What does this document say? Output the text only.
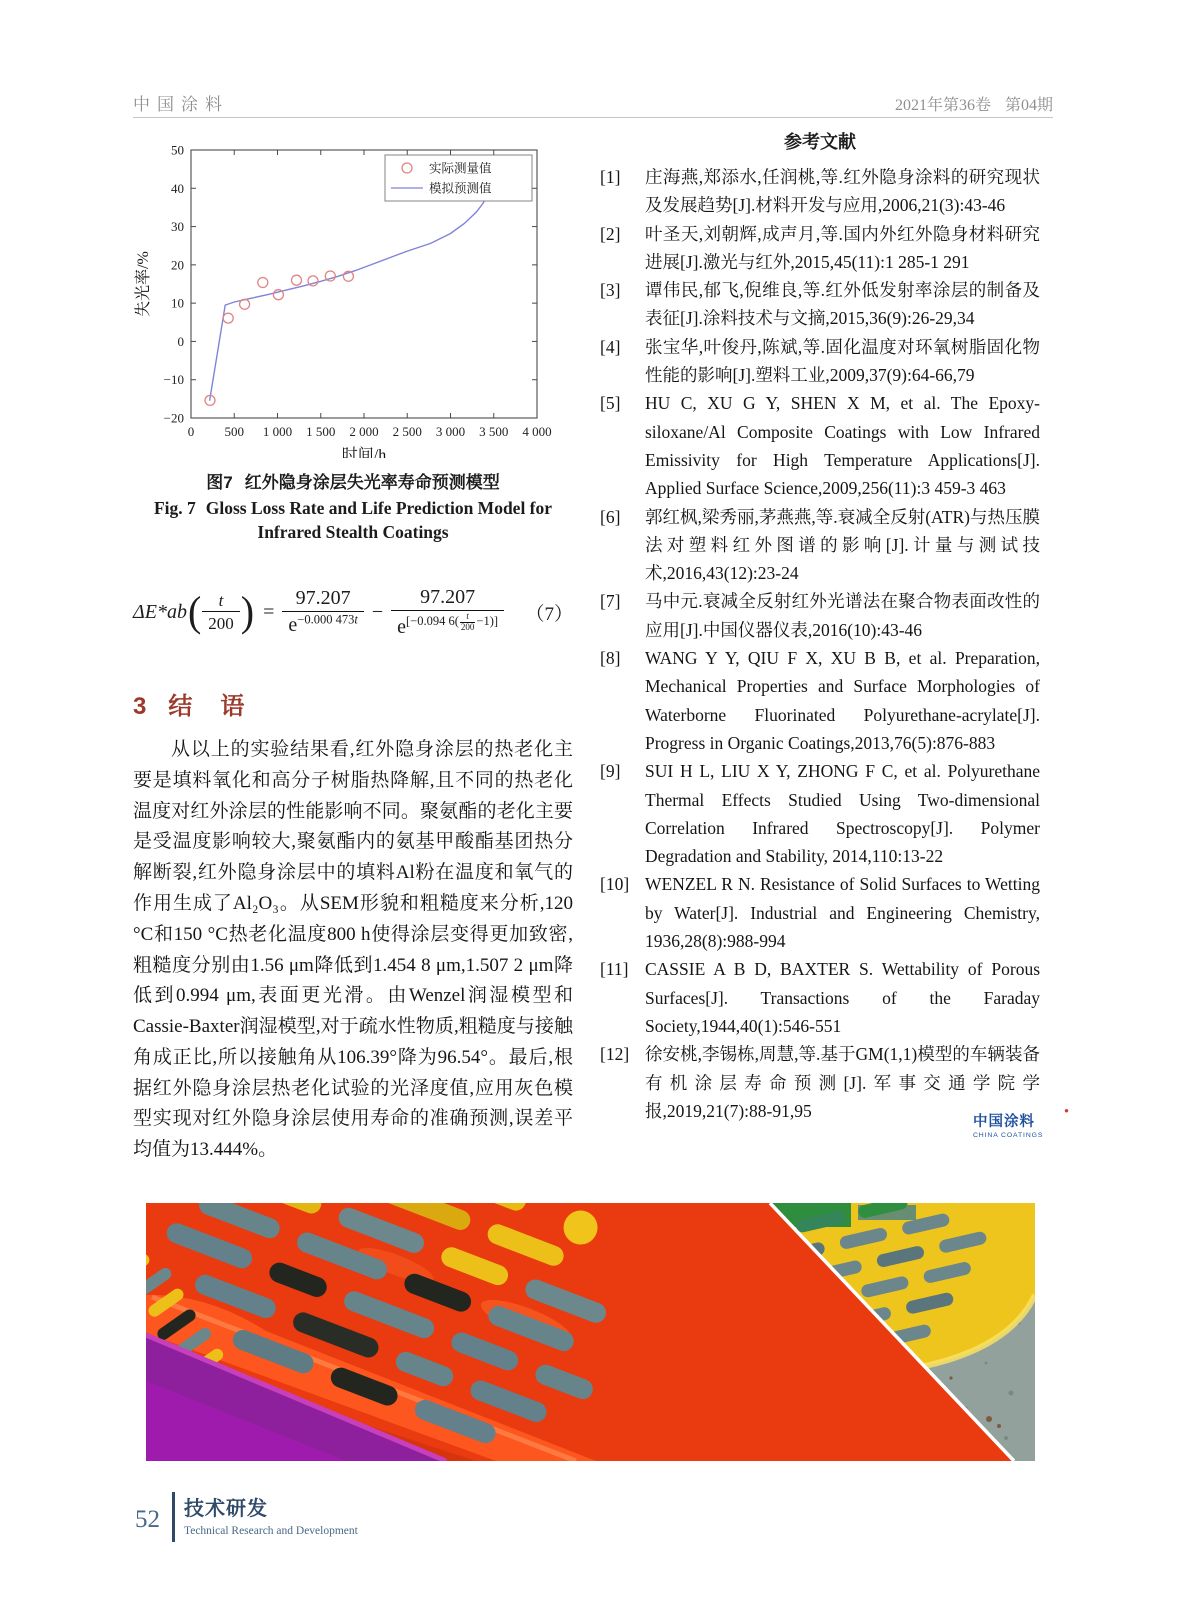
中国涂料	2021年第36卷 第04期
50
40
30
20
10
0
−10
−20
0 500 1 000 1 500 2 000 2 500 3 000 3 500 4 000
时间/h
失光率/%
实际测量值
模拟预测值
图7 红外隐身涂层失光率寿命预测模型
Fig. 7 Gloss Loss Rate and Life Prediction Model for
Infrared Stealth Coatings
ΔE*ab ( $\frac{t}{200}$ ) = $\frac{97.207}{e^{-0.000 473t}} - 97.207$
e[−0.094 6( t
200 −1)] （7）
3 结　语
从以上的实验结果看,红外隐身涂层的热老化主要是填料氧化和高分子树脂热降解,且不同的热老化温度对红外涂层的性能影响不同。聚氨酯的老化主要是受温度影响较大,聚氨酯内的氨基甲酸酯基团热分解断裂,红外隐身涂层中的填料Al粉在温度和氧气的作用生成了Al₂O₃。从SEM形貌和粗糙度来分析,120 °C和150 °C热老化温度800 h使得涂层变得更加致密,粗糙度分别由1.56 μm降低到1.454 8 μm,1.507 2 μm降低到0.994 μm,表面更光滑。由Wenzel润湿模型和Cassie-Baxter润湿模型,对于疏水性物质,粗糙度与接触角成正比,所以接触角从106.39°降为96.54°。最后,根据红外隐身涂层热老化试验的光泽度值,应用灰色模型实现对红外隐身涂层使用寿命的准确预测,误差平均值为13.444%。
参考文献
[1] 庄海燕,郑添水,任润桃,等.红外隐身涂料的研究现状及发展趋势[J].材料开发与应用,2006,21(3):43-46
[2] 叶圣天,刘朝辉,成声月,等.国内外红外隐身材料研究进展[J].激光与红外,2015,45(11):1 285-1 291
[3] 谭伟民,郁飞,倪维良,等.红外低发射率涂层的制备及表征[J].涂料技术与文摘,2015,36(9):26-29,34
[4] 张宝华,叶俊丹,陈斌,等.固化温度对环氧树脂固化物性能的影响[J].塑料工业,2009,37(9):64-66,79
[5] HU C, XU G Y, SHEN X M, et al. The Epoxy-siloxane/Al Composite Coatings with Low Infrared Emissivity for High Temperature Applications[J]. Applied Surface Science,2009,256(11):3 459-3 463
[6] 郭红枫,梁秀丽,茅燕燕,等.衰减全反射(ATR)与热压膜法对塑料红外图谱的影响[J].计量与测试技术,2016,43(12):23-24
[7] 马中元.衰减全反射红外光谱法在聚合物表面改性的应用[J].中国仪器仪表,2016(10):43-46
[8] WANG Y Y, QIU F X, XU B B, et al. Preparation, Mechanical Properties and Surface Morphologies of Waterborne Fluorinated Polyurethane-acrylate[J]. Progress in Organic Coatings,2013,76(5):876-883
[9] SUI H L, LIU X Y, ZHONG F C, et al. Polyurethane Thermal Effects Studied Using Two-dimensional Correlation Infrared Spectroscopy[J]. Polymer Degradation and Stability, 2014,110:13-22
[10] WENZEL R N. Resistance of Solid Surfaces to Wetting by Water[J]. Industrial and Engineering Chemistry, 1936,28(8):988-994
[11] CASSIE A B D, BAXTER S. Wettability of Porous Surfaces[J]. Transactions of the Faraday Society,1944,40(1):546-551
[12] 徐安桃,李锡栋,周慧,等.基于GM(1,1)模型的车辆装备有机涂层寿命预测[J].军事交通学院学报,2019,21(7):88-91,95
中国涂料
●
CHINA COATINGS
52 技术研发
Technical Research and Development
